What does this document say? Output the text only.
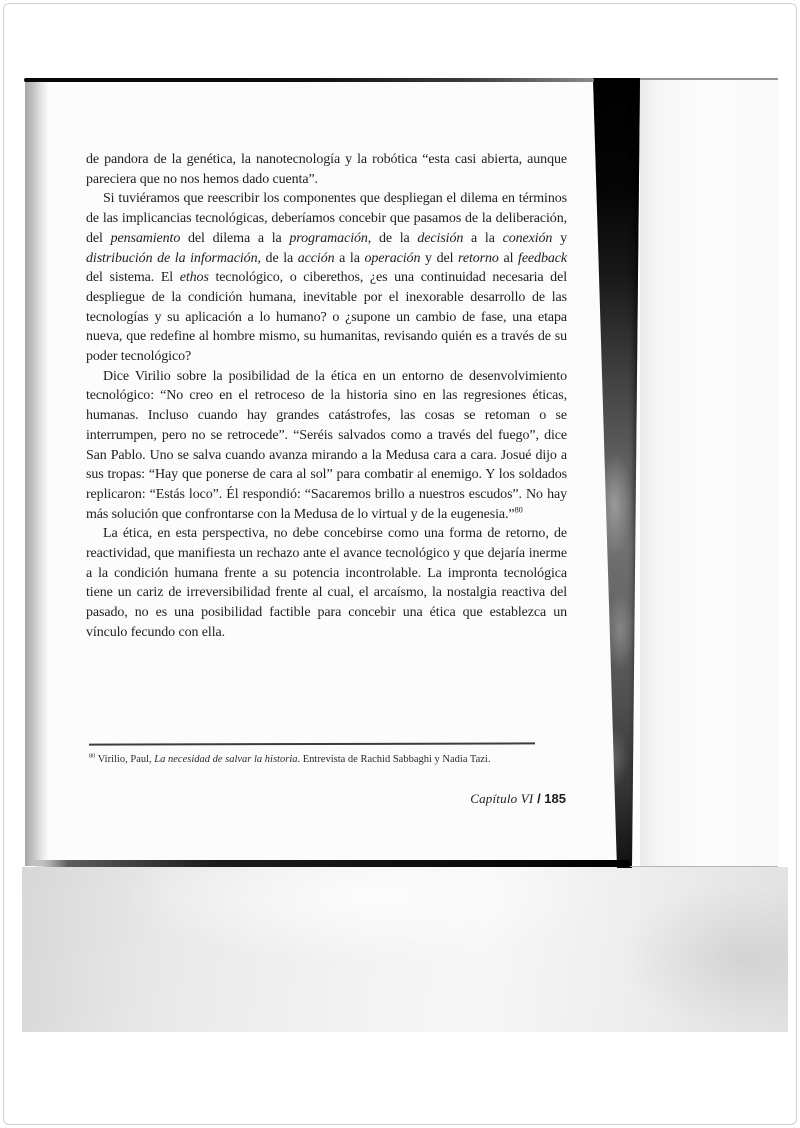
de pandora de la genética, la nanotecnología y la robótica “esta casi abierta, aunque pareciera que no nos hemos dado cuenta”.

Si tuviéramos que reescribir los componentes que despliegan el dilema en términos de las implicancias tecnológicas, deberíamos concebir que pasamos de la deliberación, del pensamiento del dilema a la programación, de la decisión a la conexión y distribución de la información, de la acción a la operación y del retorno al feedback del sistema. El ethos tecnológico, o ciberethos, ¿es una continuidad necesaria del despliegue de la condición humana, inevitable por el inexorable desarrollo de las tecnologías y su aplicación a lo humano? o ¿supone un cambio de fase, una etapa nueva, que redefine al hombre mismo, su humanitas, revisando quién es a través de su poder tecnológico?

Dice Virilio sobre la posibilidad de la ética en un entorno de desenvolvimiento tecnológico: “No creo en el retroceso de la historia sino en las regresiones éticas, humanas. Incluso cuando hay grandes catástrofes, las cosas se retoman o se interrumpen, pero no se retrocede”. “Seréis salvados como a través del fuego”, dice San Pablo. Uno se salva cuando avanza mirando a la Medusa cara a cara. Josué dijo a sus tropas: “Hay que ponerse de cara al sol” para combatir al enemigo. Y los soldados replicaron: “Estás loco”. Él respondió: “Sacaremos brillo a nuestros escudos”. No hay más solución que confrontarse con la Medusa de lo virtual y de la eugenesia.”$^{80}$

La ética, en esta perspectiva, no debe concebirse como una forma de retorno, de reactividad, que manifiesta un rechazo ante el avance tecnológico y que dejaría inerme a la condición humana frente a su potencia incontrolable. La impronta tecnológica tiene un cariz de irreversibilidad frente al cual, el arcaísmo, la nostalgia reactiva del pasado, no es una posibilidad factible para concebir una ética que establezca un vínculo fecundo con ella.

$^{80}$ Virilio, Paul, La necesidad de salvar la historia. Entrevista de Rachid Sabbaghi y Nadia Tazi.
Capítulo VI / 185
